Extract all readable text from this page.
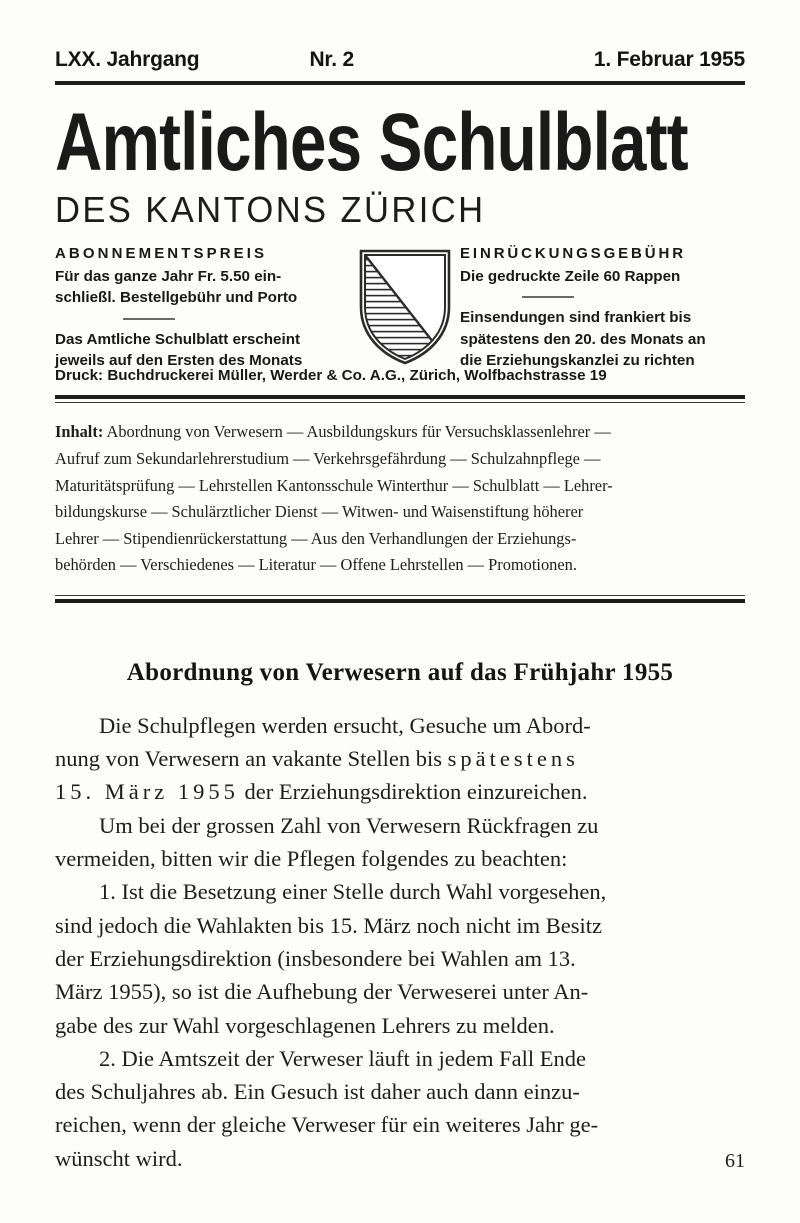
LXX. Jahrgang	Nr. 2	1. Februar 1955
Amtliches Schulblatt
DES KANTONS ZÜRICH
ABONNEMENTSPREIS
Für das ganze Jahr Fr. 5.50 ein-
schließl. Bestellgebühr und Porto
Das Amtliche Schulblatt erscheint
jeweils auf den Ersten des Monats
EINRÜCKUNGSGEBÜHR
Die gedruckte Zeile 60 Rappen
Einsendungen sind frankiert bis
spätestens den 20. des Monats an
die Erziehungskanzlei zu richten
Druck: Buchdruckerei Müller, Werder & Co. A.G., Zürich, Wolfbachstrasse 19
Inhalt: Abordnung von Verwesern — Ausbildungskurs für Versuchsklassenlehrer —
Aufruf zum Sekundarlehrerstudium — Verkehrsgefährdung — Schulzahnpflege —
Maturitätsprüfung — Lehrstellen Kantonsschule Winterthur — Schulblatt — Lehrer-
bildungskurse — Schulärztlicher Dienst — Witwen- und Waisenstiftung höherer
Lehrer — Stipendienrückerstattung — Aus den Verhandlungen der Erziehungs-
behörden — Verschiedenes — Literatur — Offene Lehrstellen — Promotionen.
Abordnung von Verwesern auf das Frühjahr 1955
Die Schulpflegen werden ersucht, Gesuche um Abord-
nung von Verwesern an vakante Stellen bis spätestens
15. März 1955 der Erziehungsdirektion einzureichen.
Um bei der grossen Zahl von Verwesern Rückfragen zu
vermeiden, bitten wir die Pflegen folgendes zu beachten:
1. Ist die Besetzung einer Stelle durch Wahl vorgesehen,
sind jedoch die Wahlakten bis 15. März noch nicht im Besitz
der Erziehungsdirektion (insbesondere bei Wahlen am 13.
März 1955), so ist die Aufhebung der Verweserei unter An-
gabe des zur Wahl vorgeschlagenen Lehrers zu melden.
2. Die Amtszeit der Verweser läuft in jedem Fall Ende
des Schuljahres ab. Ein Gesuch ist daher auch dann einzu-
reichen, wenn der gleiche Verweser für ein weiteres Jahr ge-
wünscht wird.	61
